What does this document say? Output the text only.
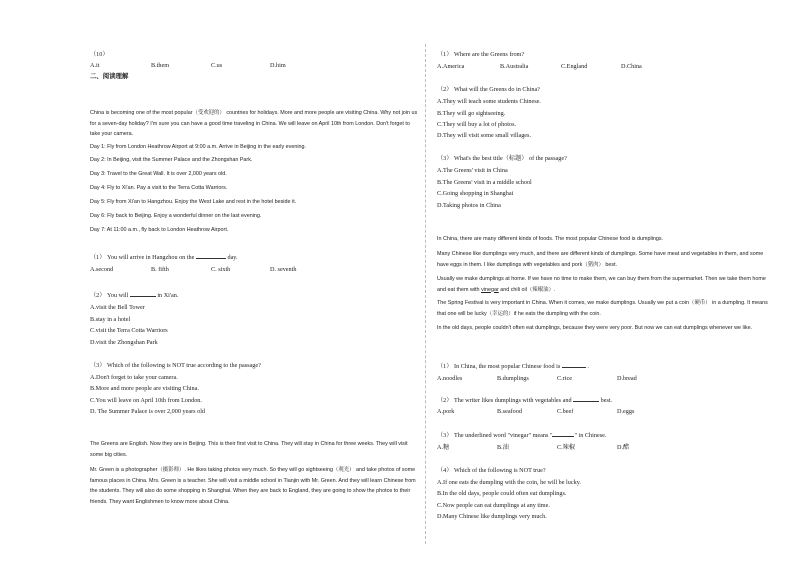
（10）
A.it	B.them	C.us	D.him
二、阅读理解
China is becoming one of the most popular（受欢迎的） countries for holidays. More and more people are visiting China. Why not join us for a seven-day holiday? I'm sure you can have a good time traveling in China. We will leave on April 10th from London. Don't forget to take your camera.
Day 1: Fly from London Heathrow Airport at 9:00 a.m. Arrive in Beijing in the early evening.
Day 2: In Beijing, visit the Summer Palace and the Zhongshan Park.
Day 3: Travel to the Great Wall. It is over 2,000 years old.
Day 4: Fly to Xi'an. Pay a visit to the Terra Cotta Warriors.
Day 5: Fly from Xi'an to Hangzhou. Enjoy the West Lake and rest in the hotel beside it.
Day 6: Fly back to Beijing. Enjoy a wonderful dinner on the last evening.
Day 7: At 11:00 a.m., fly back to London Heathrow Airport.
（1） You will arrive in Hangzhou on the	day.
A.second	B. fifth	C. sixth	D. seventh
（2） You will	in Xi'an.
A.visit the Bell Tower
B.stay in a hotel
C.visit the Terra Cotta Warriors
D.visit the Zhongshan Park
（3） Which of the following is NOT true according to the passage?
A.Don't forget to take your camera.
B.More and more people are visiting China.
C.You will leave on April 10th from London.
D. The Summer Palace is over 2,000 years old
The Greens are English. Now they are in Beijing. This is their first visit to China. They will stay in China for three weeks. They will visit some big cities.
Mr. Green is a photographer（摄影师）. He likes taking photos very much. So they will go sightseeing（观光） and take photos of some famous places in China. Mrs. Green is a teacher. She will visit a middle school in Tianjin with Mr. Green. And they will learn Chinese from the students. They will also do some shopping in Shanghai. When they are back to England, they are going to show the photos to their friends. They want Englishmen to know more about China.
（1） Where are the Greens from?
A.America	B.Australia	C.England	D.China
（2） What will the Greens do in China?
A.They will teach some students Chinese.
B.They will go sightseeing.
C.They will buy a lot of photos.
D.They will visit some small villages.
（3） What's the best title（标题） of the passage?
A.The Greens' visit in China
B.The Greens' visit in a middle school
C.Going shopping in Shanghai
D.Taking photos in China
In China, there are many different kinds of foods. The most popular Chinese food is dumplings.
Many Chinese like dumplings very much, and there are different kinds of dumplings. Some have meat and vegetables in them, and some have eggs in them. I like dumplings with vegetables and pork（猪肉） best.
Usually we make dumplings at home. If we have no time to make them, we can buy them from the supermarket. Then we take them home and eat them with vinegar and chili oil（辣椒油）.
The Spring Festival is very important in China. When it comes, we make dumplings. Usually we put a coin（硬币） in a dumpling. It means that one will be lucky（幸运的）if he eats the dumpling with the coin.
In the old days, people couldn't often eat dumplings, because they were very poor. But now we can eat dumplings whenever we like.
（1） In China, the most popular Chinese food is	.
A.noodles	B.dumplings	C.rice	D.bread
（2） The writer likes dumplings with vegetables and	best.
A.pork	B.seafood	C.beef	D.eggs
（3） The underlined word "vinegar" means "	" in Chinese.
A.糖	B.油	C.辣椒	D.醋
（4） Which of the following is NOT true?
A.If one eats the dumpling with the coin, he will be lucky.
B.In the old days, people could often eat dumplings.
C.Now people can eat dumplings at any time.
D.Many Chinese like dumplings very much.
